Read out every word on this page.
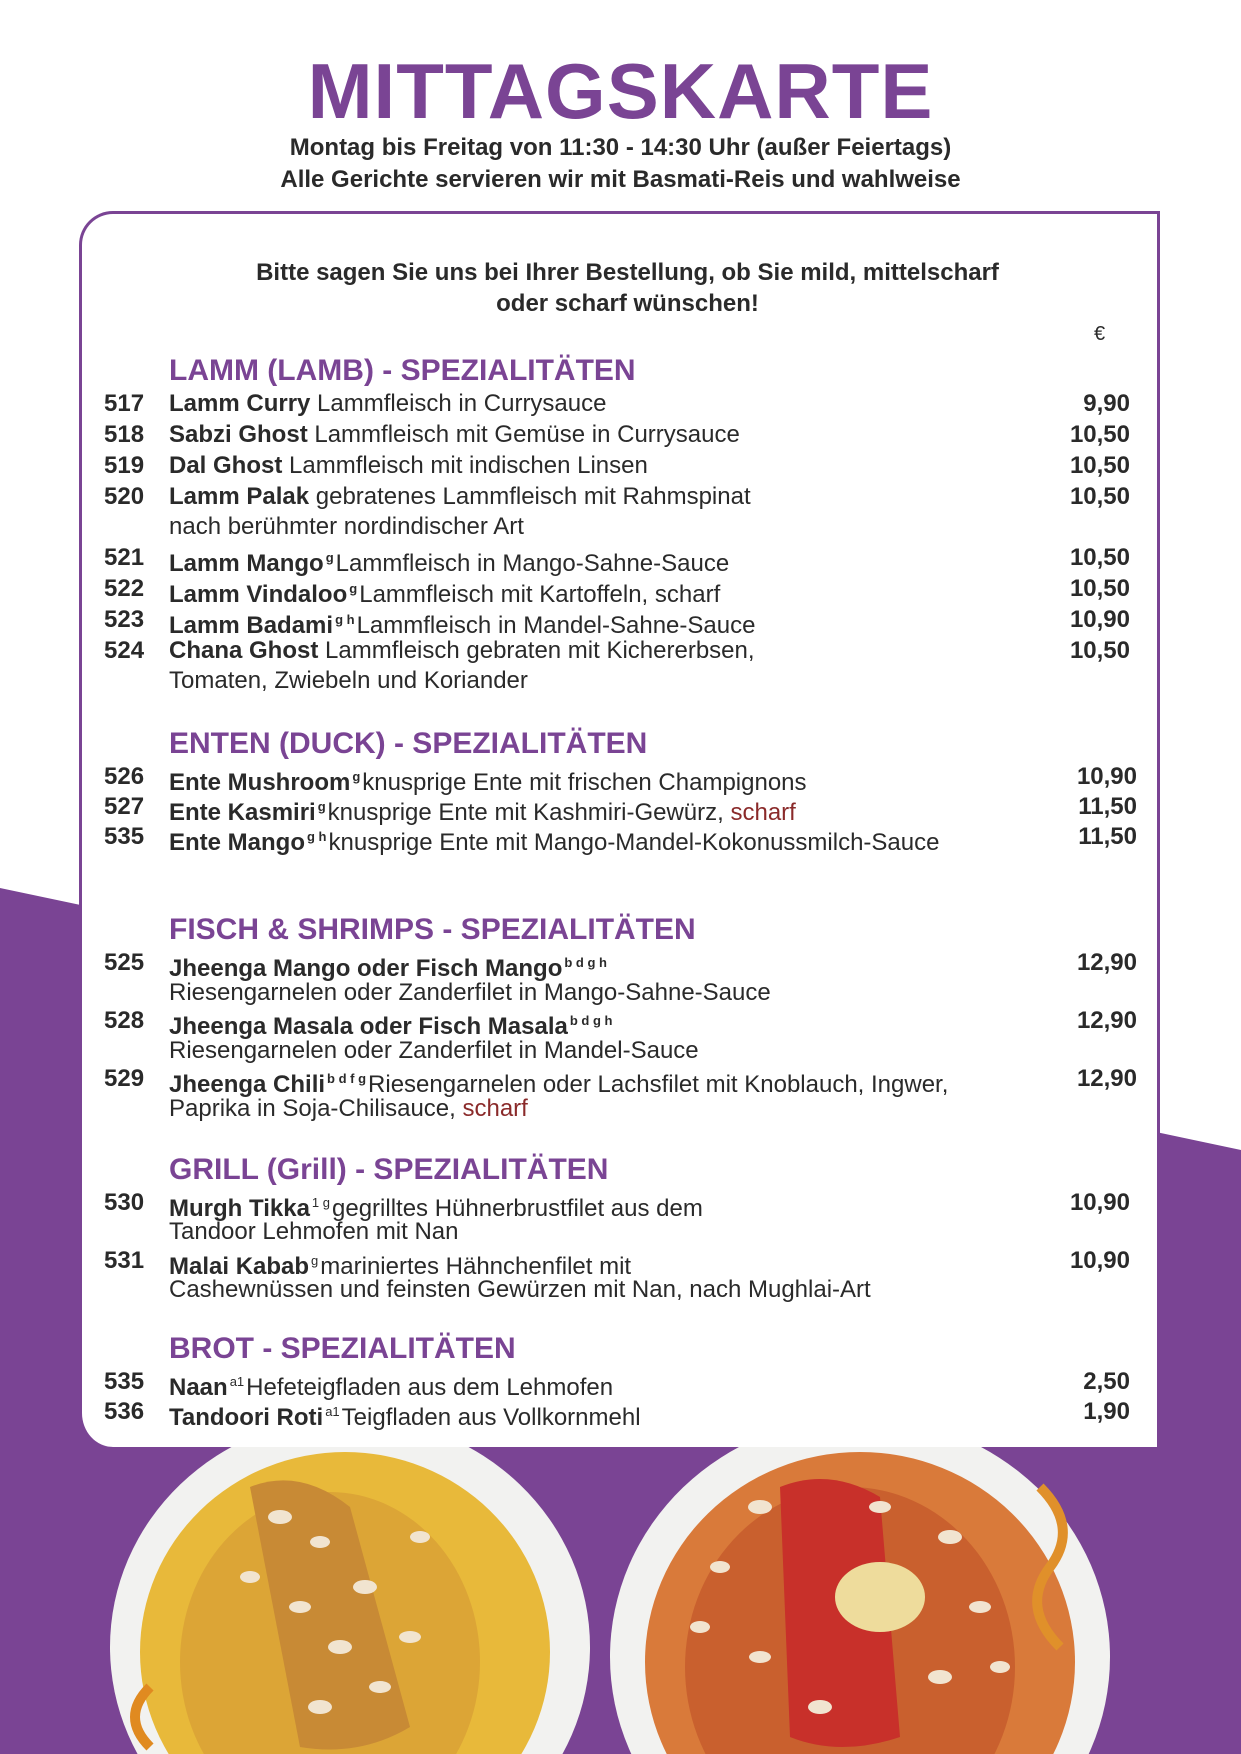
MITTAGSKARTE
Montag bis Freitag von 11:30 - 14:30 Uhr (außer Feiertags)
Alle Gerichte servieren wir mit Basmati-Reis und wahlweise
Bitte sagen Sie uns bei Ihrer Bestellung, ob Sie mild, mittelscharf
oder scharf wünschen!
€
LAMM (LAMB) - SPEZIALITÄTEN
517 Lamm Curry Lammfleisch in Currysauce	9,90
518 Sabzi Ghost Lammfleisch mit Gemüse in Currysauce	10,50
519 Dal Ghost Lammfleisch mit indischen Linsen	10,50
520 Lamm Palak gebratenes Lammfleisch mit Rahmspinat	10,50
nach berühmter nordindischer Art
521 Lamm Mango $^g$Lammfleisch in Mango-Sahne-Sauce	10,50
522 Lamm Vindaloo $^g$Lammfleisch mit Kartoffeln, scharf	10,50
523 Lamm Badami $^{g h}$Lammfleisch in Mandel-Sahne-Sauce	10,90
524 Chana Ghost Lammfleisch gebraten mit Kichererbsen,	10,50
Tomaten, Zwiebeln und Koriander
ENTEN (DUCK) - SPEZIALITÄTEN
526 Ente Mushroom $^g$knusprige Ente mit frischen Champignons	10,90
527 Ente Kasmiri $^g$knusprige Ente mit Kashmiri-Gewürz, scharf	11,50
535 Ente Mango $^{g h}$knusprige Ente mit Mango-Mandel-Kokonussmilch-Sauce	11,50
FISCH & SHRIMPS - SPEZIALITÄTEN
525 Jheenga Mango oder Fisch Mango $^{b d g h}$	12,90
Riesengarnelen oder Zanderfilet in Mango-Sahne-Sauce
528 Jheenga Masala oder Fisch Masala $^{b d g h}$	12,90
Riesengarnelen oder Zanderfilet in Mandel-Sauce
529 Jheenga Chili $^{b d f g}$Riesengarnelen oder Lachsfilet mit Knoblauch, Ingwer,	12,90
Paprika in Soja-Chilisauce, scharf
GRILL (Grill) - SPEZIALITÄTEN
530 Murgh Tikka $^{1 g}$gegrilltes Hühnerbrustfilet aus dem	10,90
Tandoor Lehmofen mit Nan
531 Malai Kabab $^g$mariniertes Hähnchenfilet mit	10,90
Cashewnüssen und feinsten Gewürzen mit Nan, nach Mughlai-Art
BROT - SPEZIALITÄTEN
535 Naan $^{a1}$Hefeteigfladen aus dem Lehmofen	2,50
536 Tandoori Roti $^{a1}$Teigfladen aus Vollkornmehl	1,90
